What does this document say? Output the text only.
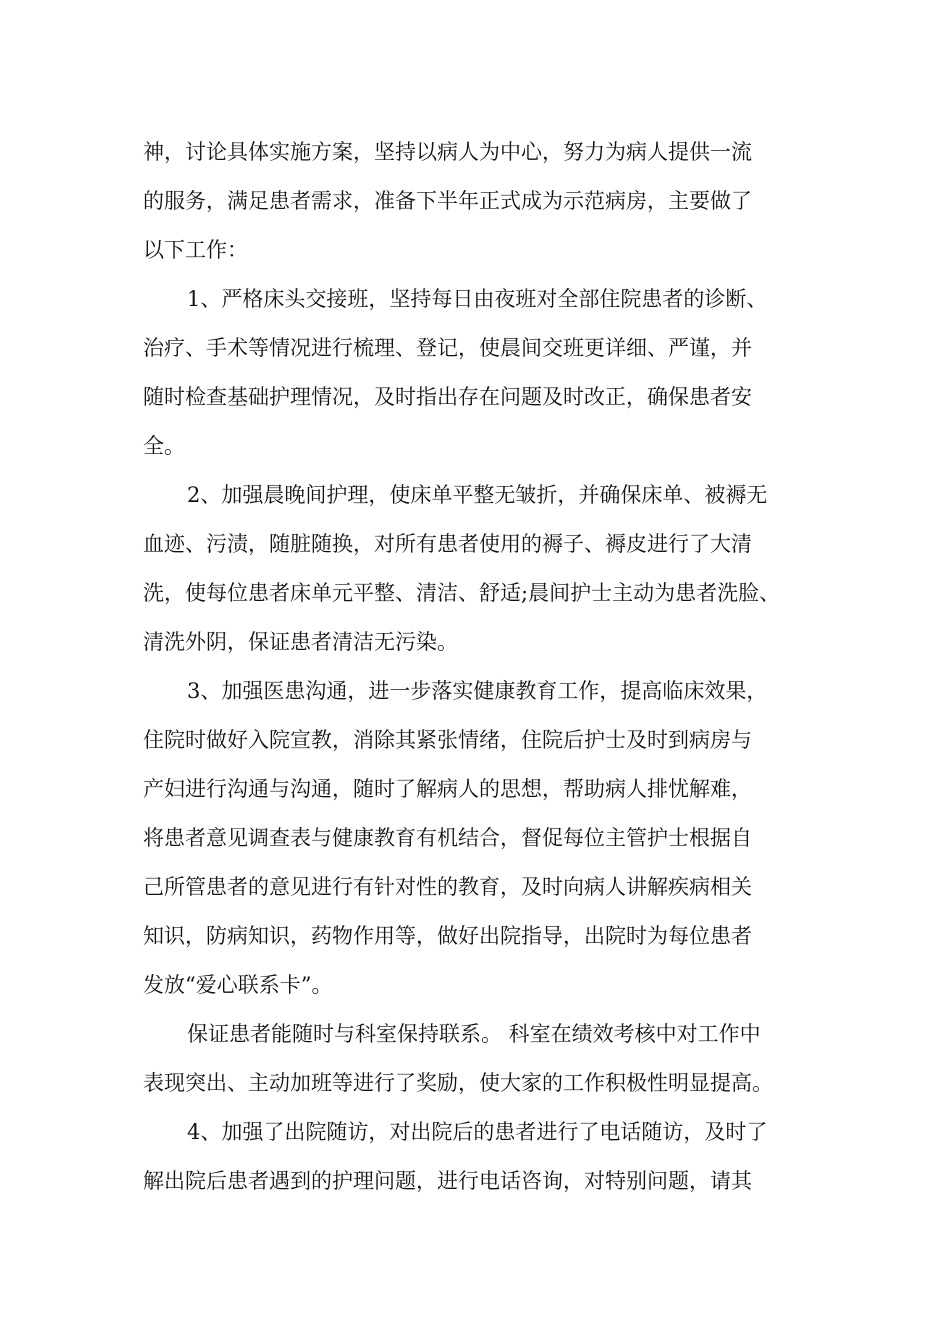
神，讨论具体实施方案，坚持以病人为中心，努力为病人提供一流
的服务，满足患者需求，准备下半年正式成为示范病房，主要做了
以下工作：
1、严格床头交接班，坚持每日由夜班对全部住院患者的诊断、
治疗、手术等情况进行梳理、登记，使晨间交班更详细、严谨，并
随时检查基础护理情况，及时指出存在问题及时改正，确保患者安
全。
2、加强晨晚间护理，使床单平整无皱折，并确保床单、被褥无
血迹、污渍，随脏随换，对所有患者使用的褥子、褥皮进行了大清
洗，使每位患者床单元平整、清洁、舒适;晨间护士主动为患者洗脸、
清洗外阴，保证患者清洁无污染。
3、加强医患沟通，进一步落实健康教育工作，提高临床效果，
住院时做好入院宣教，消除其紧张情绪，住院后护士及时到病房与
产妇进行沟通与沟通，随时了解病人的思想，帮助病人排忧解难，
将患者意见调查表与健康教育有机结合，督促每位主管护士根据自
己所管患者的意见进行有针对性的教育，及时向病人讲解疾病相关
知识，防病知识，药物作用等，做好出院指导，出院时为每位患者
发放“爱心联系卡”。
保证患者能随时与科室保持联系。 科室在绩效考核中对工作中
表现突出、主动加班等进行了奖励，使大家的工作积极性明显提高。
4、加强了出院随访，对出院后的患者进行了电话随访，及时了
解出院后患者遇到的护理问题，进行电话咨询，对特别问题，请其
